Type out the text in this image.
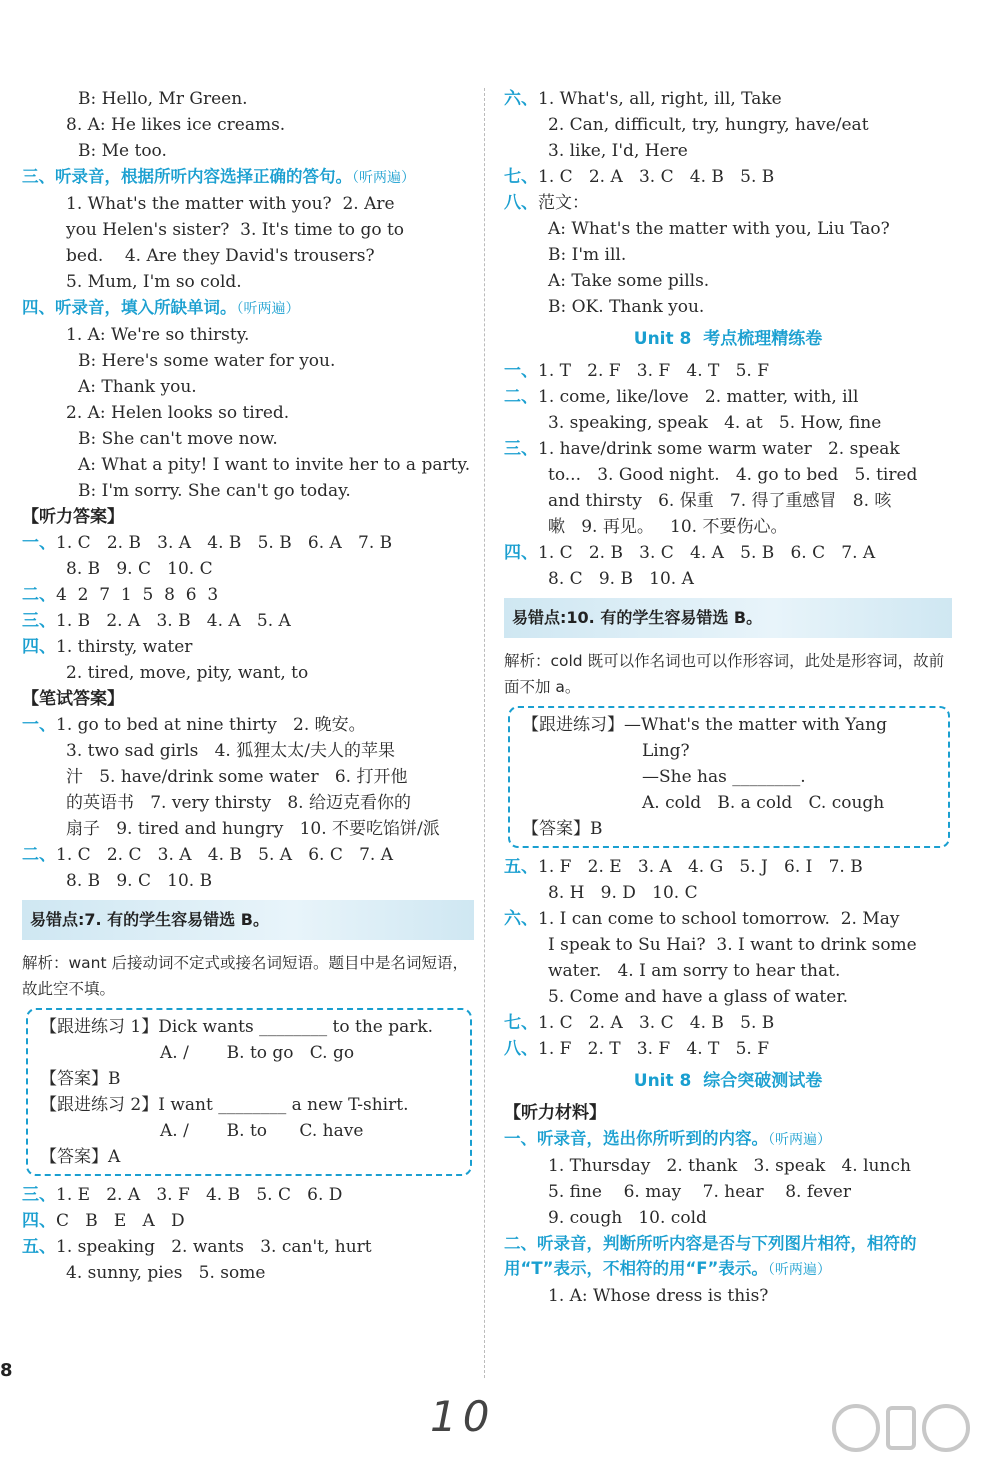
B: Hello, Mr Green.
8. A: He likes ice creams.
B: Me too.
三、听录音，根据所听内容选择正确的答句。（听两遍）
1. What's the matter with you?  2. Are
you Helen's sister?  3. It's time to go to
bed.    4. Are they David's trousers?
5. Mum, I'm so cold.
四、听录音，填入所缺单词。（听两遍）
1. A: We're so thirsty.
B: Here's some water for you.
A: Thank you.
2. A: Helen looks so tired.
B: She can't move now.
A: What a pity! I want to invite her to a party.
B: I'm sorry. She can't go today.
【听力答案】
一、1. C   2. B   3. A   4. B   5. B   6. A   7. B
8. B   9. C   10. C
二、4  2  7  1  5  8  6  3
三、1. B   2. A   3. B   4. A   5. A
四、1. thirsty, water
2. tired, move, pity, want, to
【笔试答案】
一、1. go to bed at nine thirty   2. 晚安。
3. two sad girls   4. 狐狸太太/夫人的苹果
汁   5. have/drink some water   6. 打开他
的英语书   7. very thirsty   8. 给迈克看你的
扇子   9. tired and hungry   10. 不要吃馅饼/派
二、1. C   2. C   3. A   4. B   5. A   6. C   7. A
8. B   9. C   10. B
易错点:7. 有的学生容易错选 B。
解析：want 后接动词不定式或接名词短语。题目中是名词短语，故此空不填。
【跟进练习 1】Dick wants ________ to the park.
A. /       B. to go   C. go
【答案】B
【跟进练习 2】I want ________ a new T-shirt.
A. /       B. to      C. have
【答案】A
三、1. E   2. A   3. F   4. B   5. C   6. D
四、C   B   E   A   D
五、1. speaking   2. wants   3. can't, hurt
4. sunny, pies   5. some
六、1. What's, all, right, ill, Take
2. Can, difficult, try, hungry, have/eat
3. like, I'd, Here
七、1. C   2. A   3. C   4. B   5. B
八、范文：
A: What's the matter with you, Liu Tao?
B: I'm ill.
A: Take some pills.
B: OK. Thank you.
Unit 8  考点梳理精练卷
一、1. T   2. F   3. F   4. T   5. F
二、1. come, like/love   2. matter, with, ill
3. speaking, speak   4. at   5. How, fine
三、1. have/drink some warm water   2. speak
to...   3. Good night.   4. go to bed   5. tired
and thirsty   6. 保重   7. 得了重感冒   8. 咳
嗽   9. 再见。   10. 不要伤心。
四、1. C   2. B   3. C   4. A   5. B   6. C   7. A
8. C   9. B   10. A
易错点:10. 有的学生容易错选 B。
解析：cold 既可以作名词也可以作形容词，此处是形容词，故前面不加 a。
【跟进练习】—What's the matter with Yang
Ling?
—She has ________.
A. cold   B. a cold   C. cough
【答案】B
五、1. F   2. E   3. A   4. G   5. J   6. I   7. B
8. H   9. D   10. C
六、1. I can come to school tomorrow.  2. May
I speak to Su Hai?  3. I want to drink some
water.   4. I am sorry to hear that.
5. Come and have a glass of water.
七、1. C   2. A   3. C   4. B   5. B
八、1. F   2. T   3. F   4. T   5. F
Unit 8  综合突破测试卷
【听力材料】
一、听录音，选出你所听到的内容。（听两遍）
1. Thursday   2. thank   3. speak   4. lunch
5. fine    6. may    7. hear    8. fever
9. cough   10. cold
二、听录音，判断所听内容是否与下列图片相符，相符的用“T”表示，不相符的用“F”表示。（听两遍）
1. A: Whose dress is this?
8
10
